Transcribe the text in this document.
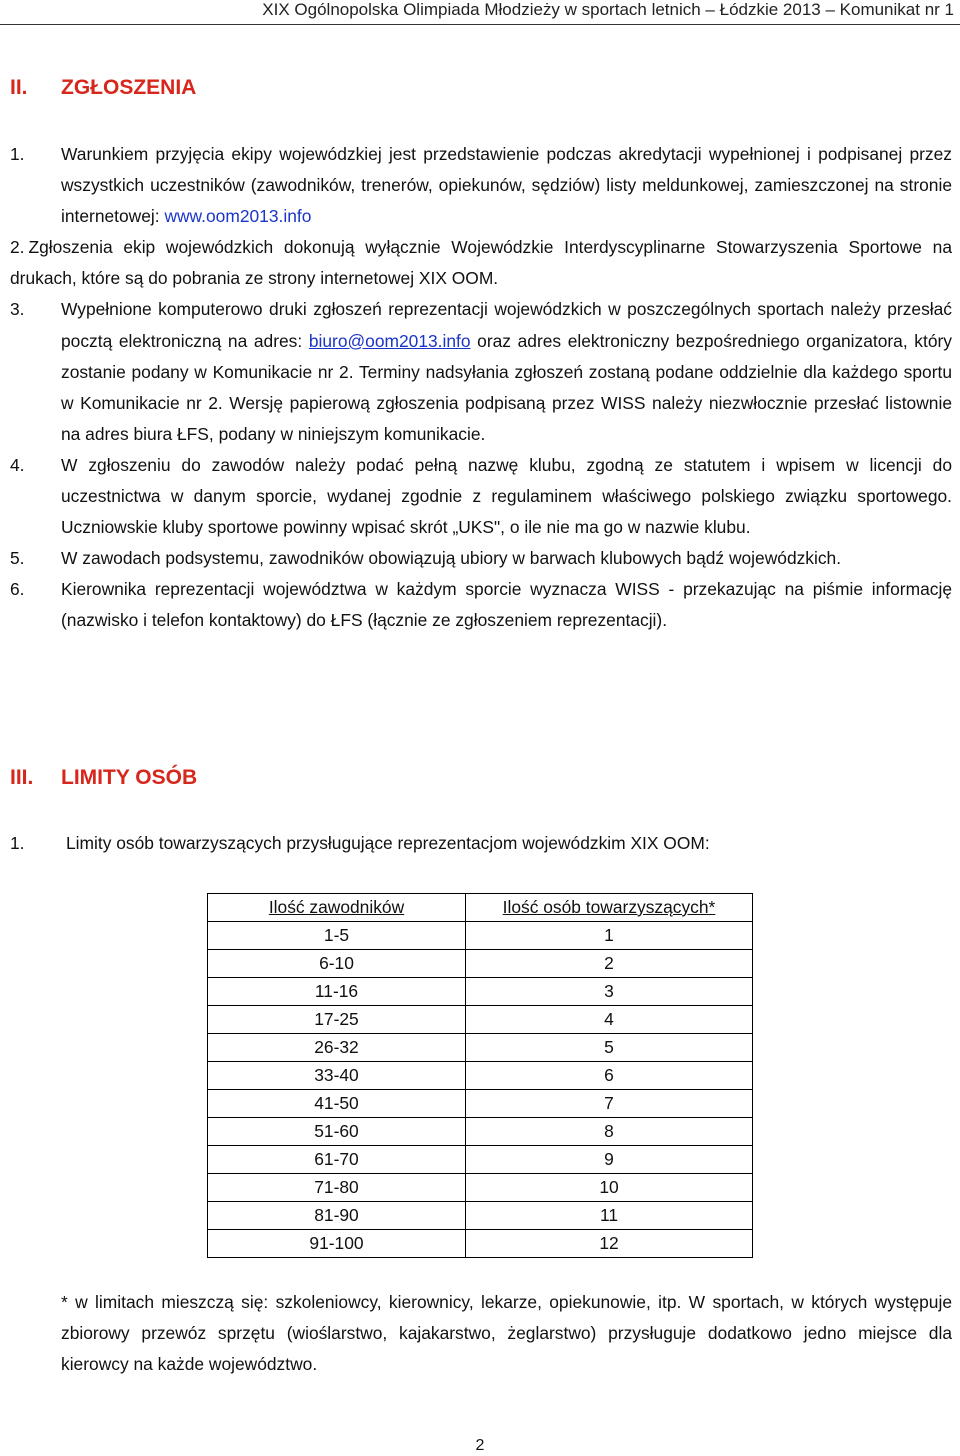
XIX Ogólnopolska Olimpiada Młodzieży w sportach letnich – Łódzkie 2013 – Komunikat nr 1
II. ZGŁOSZENIA
1. Warunkiem przyjęcia ekipy wojewódzkiej jest przedstawienie podczas akredytacji wypełnionej i podpisanej przez wszystkich uczestników (zawodników, trenerów, opiekunów, sędziów) listy meldunkowej, zamieszczonej na stronie internetowej: www.oom2013.info
2. Zgłoszenia ekip wojewódzkich dokonują wyłącznie Wojewódzkie Interdyscyplinarne Stowarzyszenia Sportowe na drukach, które są do pobrania ze strony internetowej XIX OOM.
3. Wypełnione komputerowo druki zgłoszeń reprezentacji wojewódzkich w poszczególnych sportach należy przesłać pocztą elektroniczną na adres: biuro@oom2013.info oraz adres elektroniczny bezpośredniego organizatora, który zostanie podany w Komunikacie nr 2. Terminy nadsyłania zgłoszeń zostaną podane oddzielnie dla każdego sportu w Komunikacie nr 2. Wersję papierową zgłoszenia podpisaną przez WISS należy niezwłocznie przesłać listownie na adres biura ŁFS, podany w niniejszym komunikacie.
4. W zgłoszeniu do zawodów należy podać pełną nazwę klubu, zgodną ze statutem i wpisem w licencji do uczestnictwa w danym sporcie, wydanej zgodnie z regulaminem właściwego polskiego związku sportowego. Uczniowskie kluby sportowe powinny wpisać skrót „UKS", o ile nie ma go w nazwie klubu.
5. W zawodach podsystemu, zawodników obowiązują ubiory w barwach klubowych bądź wojewódzkich.
6. Kierownika reprezentacji województwa w każdym sporcie wyznacza WISS - przekazując na piśmie informację (nazwisko i telefon kontaktowy) do ŁFS (łącznie ze zgłoszeniem reprezentacji).
III. LIMITY OSÓB
1. Limity osób towarzyszących przysługujące reprezentacjom wojewódzkim XIX OOM:
Ilość zawodników	Ilość osób towarzyszących*
1-5	1
6-10	2
11-16	3
17-25	4
26-32	5
33-40	6
41-50	7
51-60	8
61-70	9
71-80	10
81-90	11
91-100	12
* w limitach mieszczą się: szkoleniowcy, kierownicy, lekarze, opiekunowie, itp. W sportach, w których występuje zbiorowy przewóz sprzętu (wioślarstwo, kajakarstwo, żeglarstwo) przysługuje dodatkowo jedno miejsce dla kierowcy na każde województwo.
2
